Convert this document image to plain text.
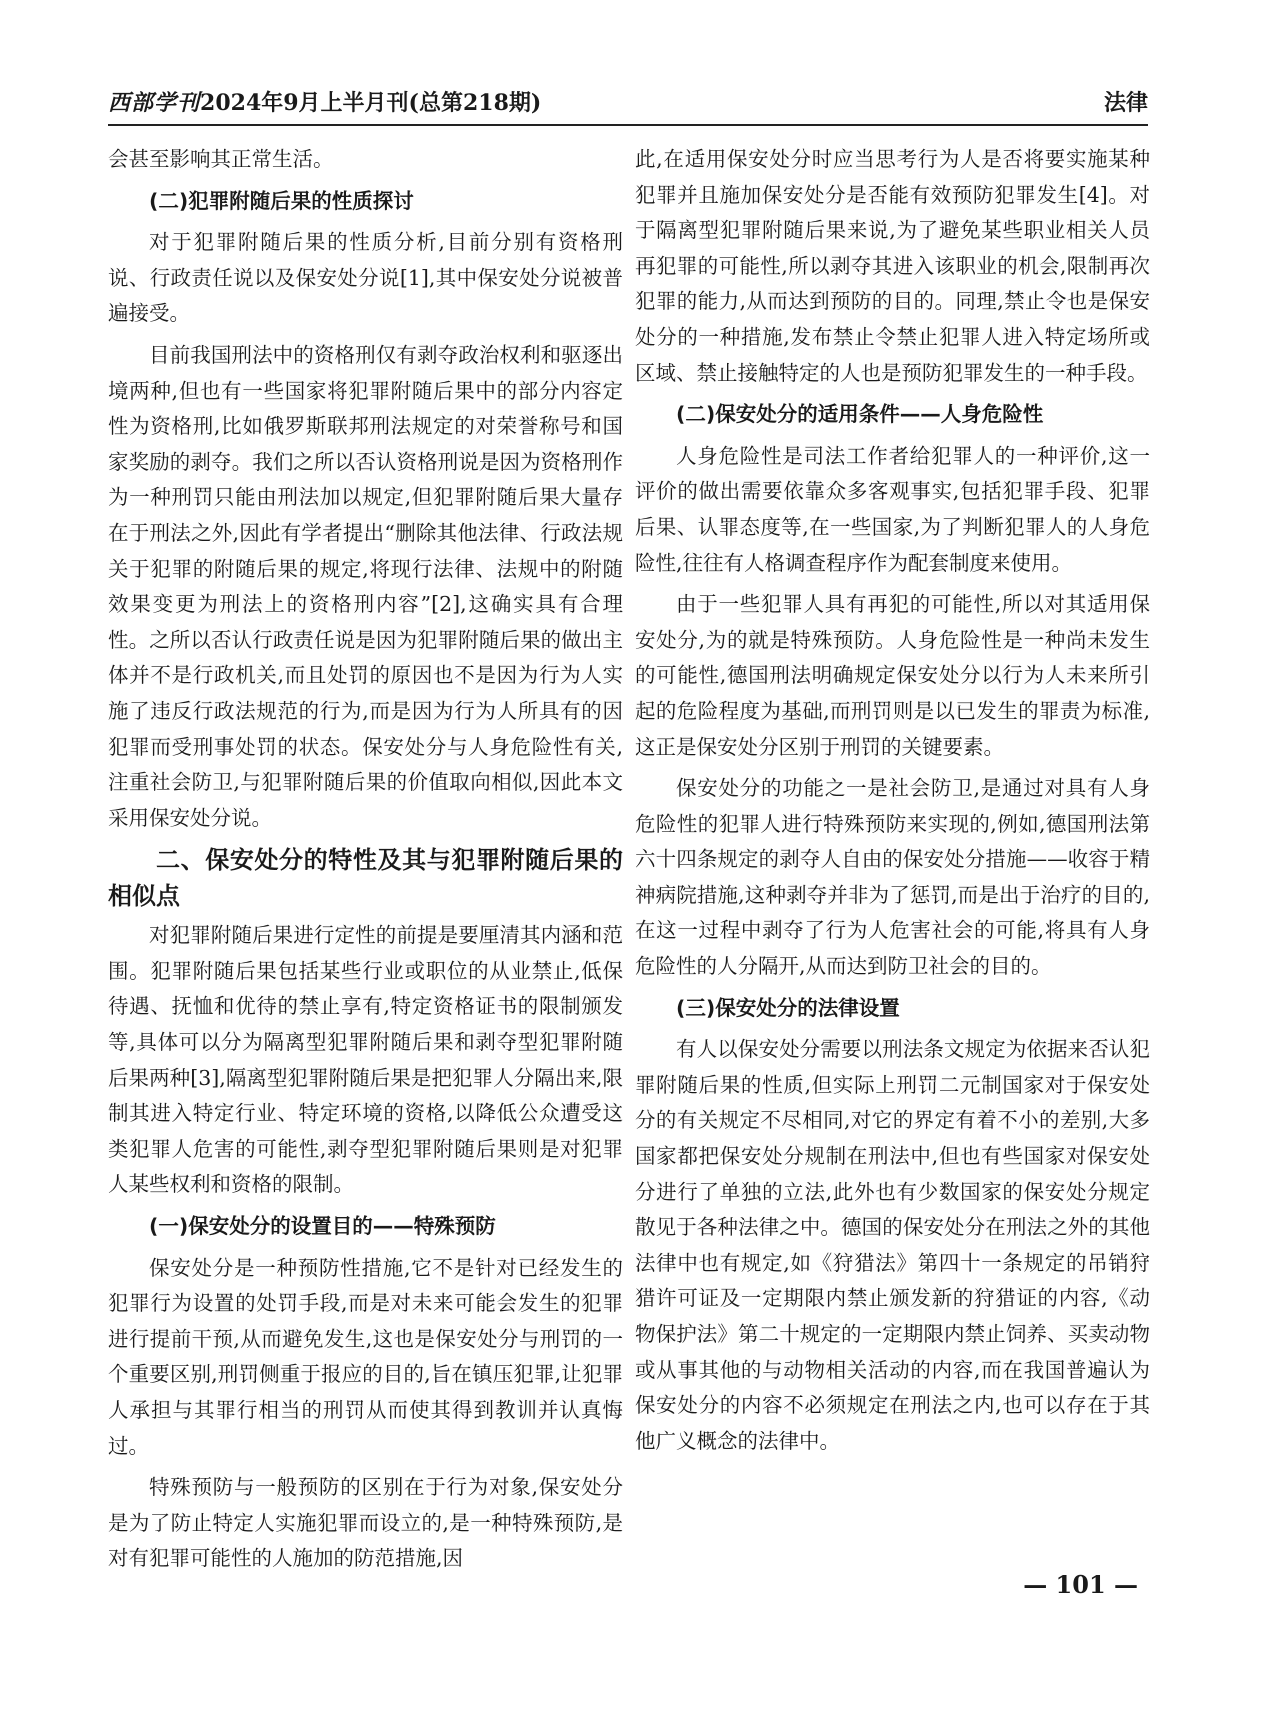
西部学刊2024年9月上半月刊(总第218期)	法律

会甚至影响其正常生活。

(二)犯罪附随后果的性质探讨

对于犯罪附随后果的性质分析,目前分别有资格刑说、行政责任说以及保安处分说[1],其中保安处分说被普遍接受。

目前我国刑法中的资格刑仅有剥夺政治权利和驱逐出境两种,但也有一些国家将犯罪附随后果中的部分内容定性为资格刑,比如俄罗斯联邦刑法规定的对荣誉称号和国家奖励的剥夺。我们之所以否认资格刑说是因为资格刑作为一种刑罚只能由刑法加以规定,但犯罪附随后果大量存在于刑法之外,因此有学者提出“删除其他法律、行政法规关于犯罪的附随后果的规定,将现行法律、法规中的附随效果变更为刑法上的资格刑内容”[2],这确实具有合理性。之所以否认行政责任说是因为犯罪附随后果的做出主体并不是行政机关,而且处罚的原因也不是因为行为人实施了违反行政法规范的行为,而是因为行为人所具有的因犯罪而受刑事处罚的状态。保安处分与人身危险性有关,注重社会防卫,与犯罪附随后果的价值取向相似,因此本文采用保安处分说。

二、保安处分的特性及其与犯罪附随后果的相似点

对犯罪附随后果进行定性的前提是要厘清其内涵和范围。犯罪附随后果包括某些行业或职位的从业禁止,低保待遇、抚恤和优待的禁止享有,特定资格证书的限制颁发等,具体可以分为隔离型犯罪附随后果和剥夺型犯罪附随后果两种[3],隔离型犯罪附随后果是把犯罪人分隔出来,限制其进入特定行业、特定环境的资格,以降低公众遭受这类犯罪人危害的可能性,剥夺型犯罪附随后果则是对犯罪人某些权利和资格的限制。

(一)保安处分的设置目的——特殊预防

保安处分是一种预防性措施,它不是针对已经发生的犯罪行为设置的处罚手段,而是对未来可能会发生的犯罪进行提前干预,从而避免发生,这也是保安处分与刑罚的一个重要区别,刑罚侧重于报应的目的,旨在镇压犯罪,让犯罪人承担与其罪行相当的刑罚从而使其得到教训并认真悔过。

特殊预防与一般预防的区别在于行为对象,保安处分是为了防止特定人实施犯罪而设立的,是一种特殊预防,是对有犯罪可能性的人施加的防范措施,因

此,在适用保安处分时应当思考行为人是否将要实施某种犯罪并且施加保安处分是否能有效预防犯罪发生[4]。对于隔离型犯罪附随后果来说,为了避免某些职业相关人员再犯罪的可能性,所以剥夺其进入该职业的机会,限制再次犯罪的能力,从而达到预防的目的。同理,禁止令也是保安处分的一种措施,发布禁止令禁止犯罪人进入特定场所或区域、禁止接触特定的人也是预防犯罪发生的一种手段。

(二)保安处分的适用条件——人身危险性

人身危险性是司法工作者给犯罪人的一种评价,这一评价的做出需要依靠众多客观事实,包括犯罪手段、犯罪后果、认罪态度等,在一些国家,为了判断犯罪人的人身危险性,往往有人格调查程序作为配套制度来使用。

由于一些犯罪人具有再犯的可能性,所以对其适用保安处分,为的就是特殊预防。人身危险性是一种尚未发生的可能性,德国刑法明确规定保安处分以行为人未来所引起的危险程度为基础,而刑罚则是以已发生的罪责为标准,这正是保安处分区别于刑罚的关键要素。

保安处分的功能之一是社会防卫,是通过对具有人身危险性的犯罪人进行特殊预防来实现的,例如,德国刑法第六十四条规定的剥夺人自由的保安处分措施——收容于精神病院措施,这种剥夺并非为了惩罚,而是出于治疗的目的,在这一过程中剥夺了行为人危害社会的可能,将具有人身危险性的人分隔开,从而达到防卫社会的目的。

(三)保安处分的法律设置

有人以保安处分需要以刑法条文规定为依据来否认犯罪附随后果的性质,但实际上刑罚二元制国家对于保安处分的有关规定不尽相同,对它的界定有着不小的差别,大多国家都把保安处分规制在刑法中,但也有些国家对保安处分进行了单独的立法,此外也有少数国家的保安处分规定散见于各种法律之中。德国的保安处分在刑法之外的其他法律中也有规定,如《狩猎法》第四十一条规定的吊销狩猎许可证及一定期限内禁止颁发新的狩猎证的内容,《动物保护法》第二十规定的一定期限内禁止饲养、买卖动物或从事其他的与动物相关活动的内容,而在我国普遍认为保安处分的内容不必须规定在刑法之内,也可以存在于其他广义概念的法律中。

— 101 —
